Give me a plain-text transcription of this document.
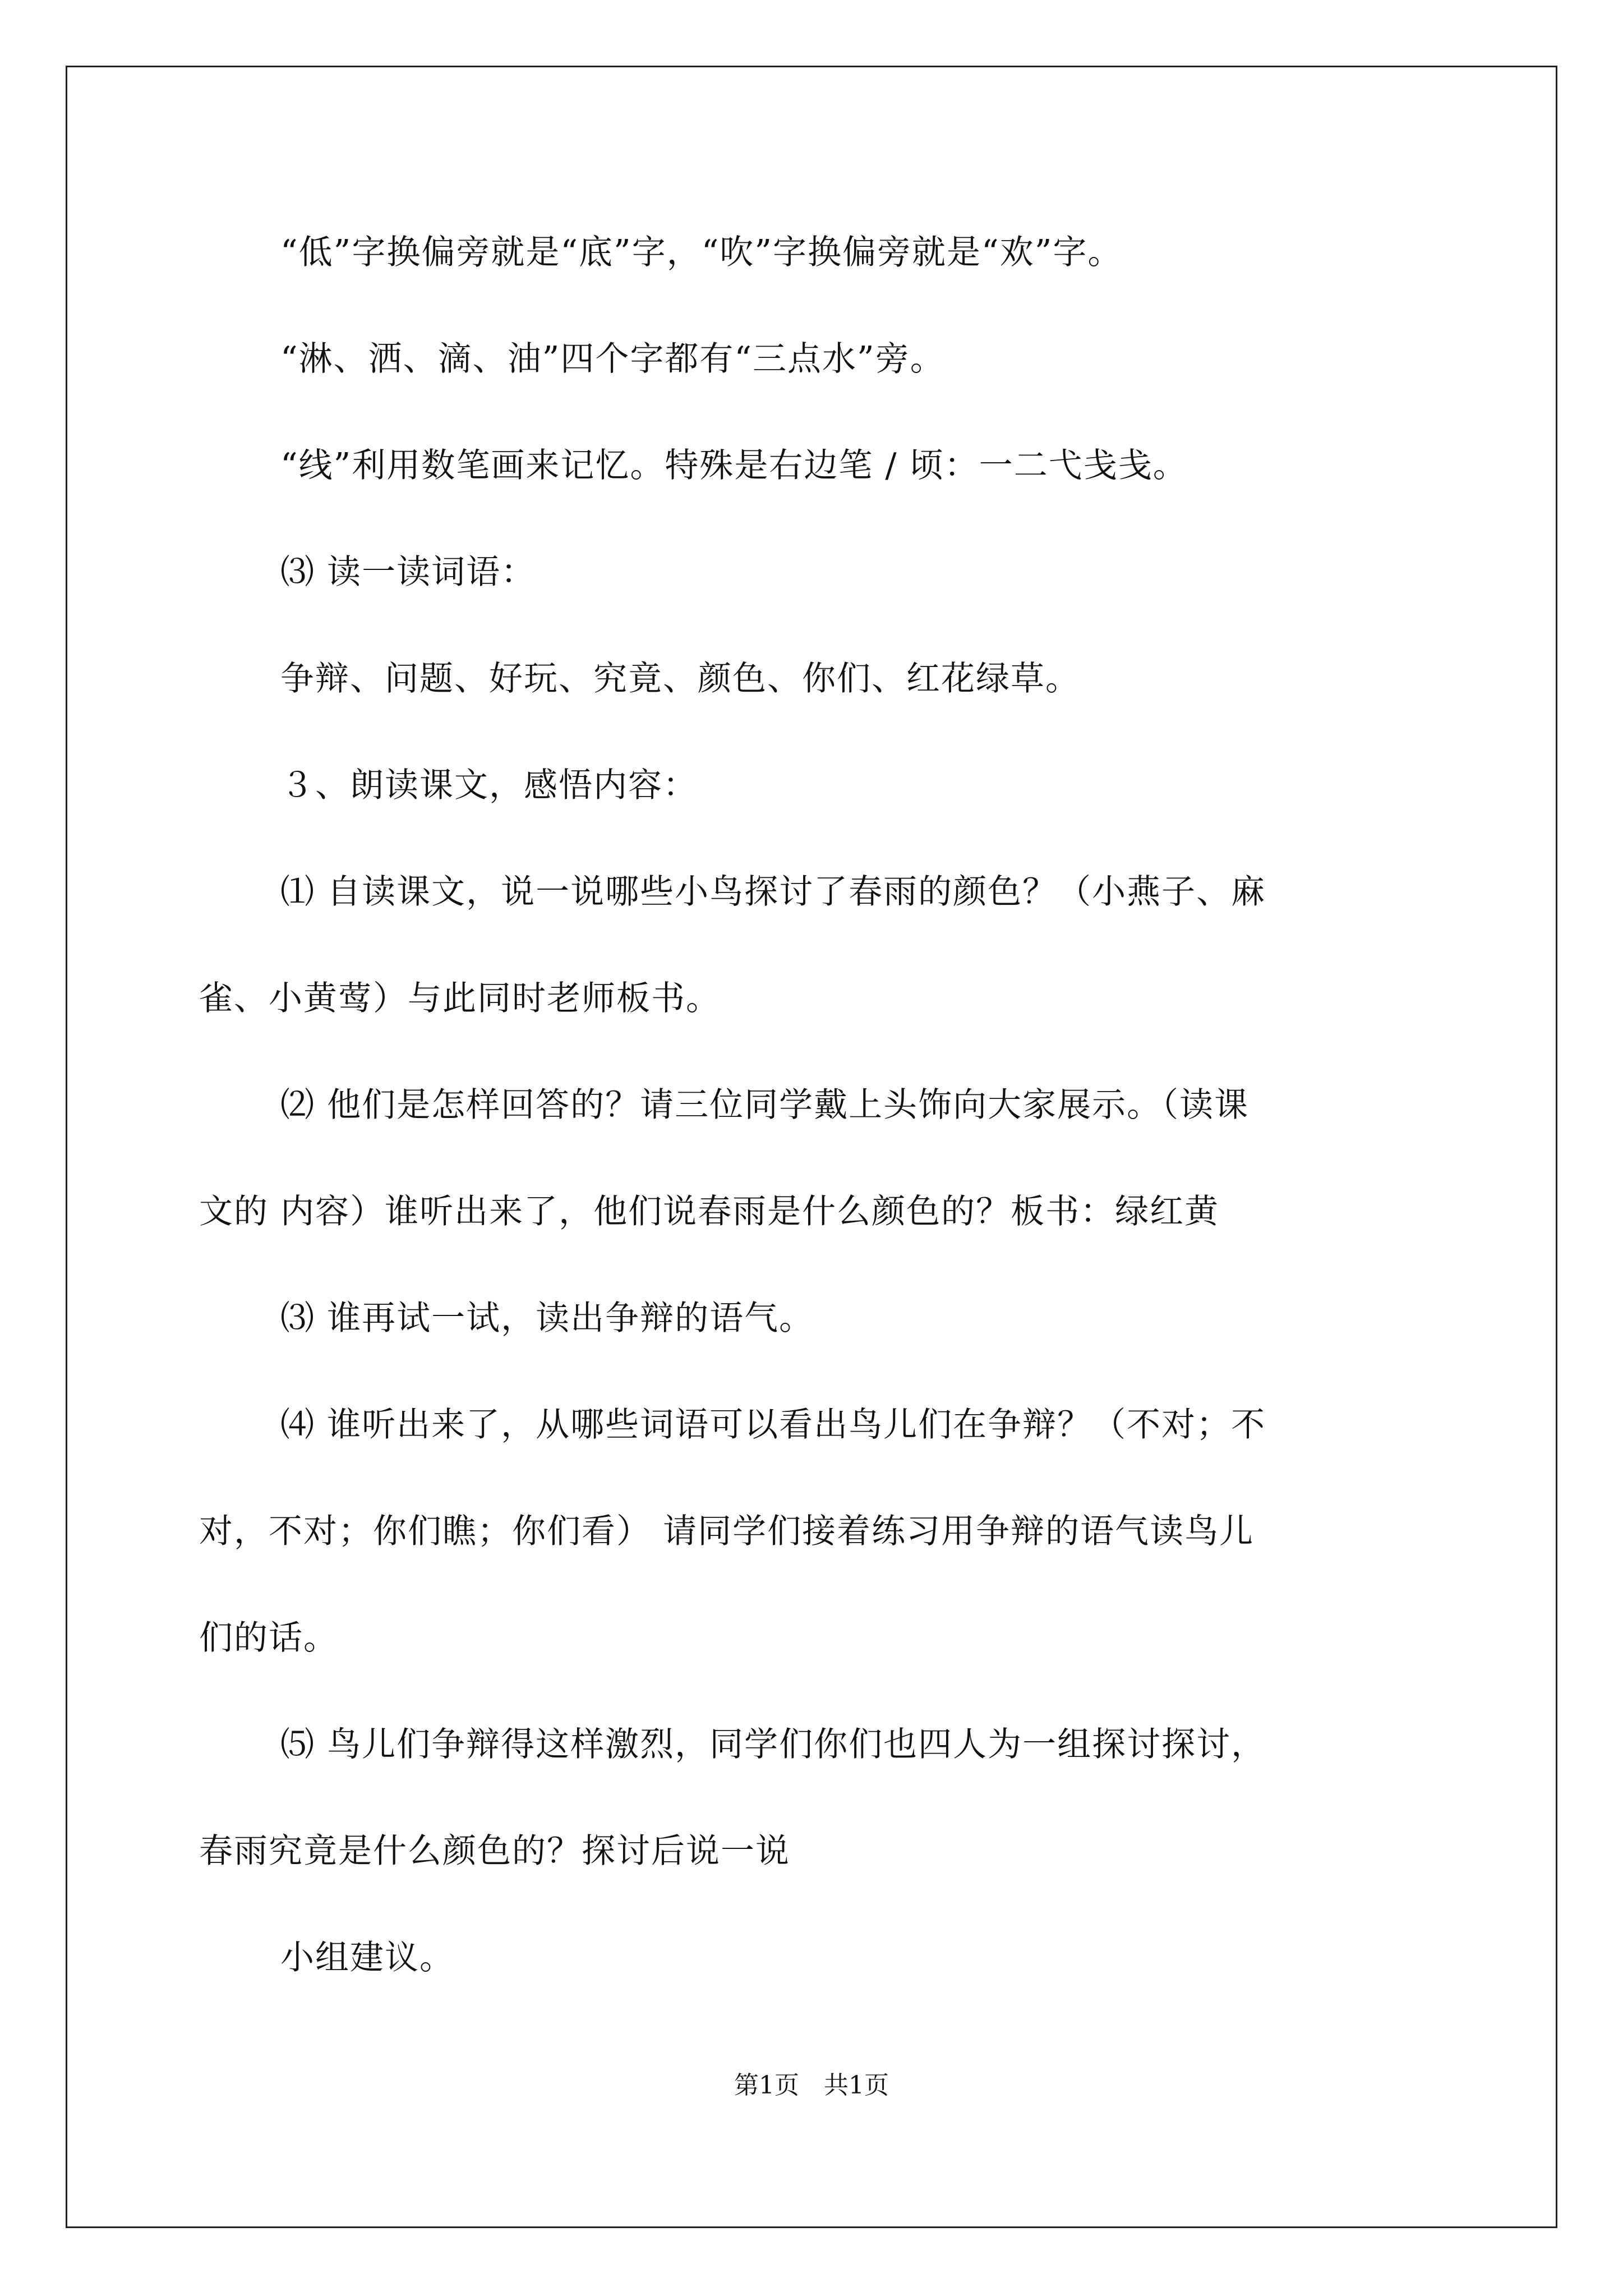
“低”字换偏旁就是“底”字，“吹”字换偏旁就是“欢”字。
“淋、洒、滴、油”四个字都有“三点水”旁。
“线”利用数笔画来记忆。特殊是右边笔 / 顷：一二弋戋戋。
⑶ 读一读词语：
争辩、问题、好玩、究竟、颜色、你们、红花绿草。
３、朗读课文，感悟内容：
⑴ 自读课文，说一说哪些小鸟探讨了春雨的颜色？（小燕子、麻
雀、小黄莺）与此同时老师板书。
⑵ 他们是怎样回答的？请三位同学戴上头饰向大家展示。（读课
文的 内容）谁听出来了，他们说春雨是什么颜色的？板书：绿红黄
⑶ 谁再试一试，读出争辩的语气。
⑷ 谁听出来了，从哪些词语可以看出鸟儿们在争辩？（不对；不
对，不对；你们瞧；你们看） 请同学们接着练习用争辩的语气读鸟儿
们的话。
⑸ 鸟儿们争辩得这样激烈，同学们你们也四人为一组探讨探讨，
春雨究竟是什么颜色的？探讨后说一说
小组建议。
第1页 共1页
